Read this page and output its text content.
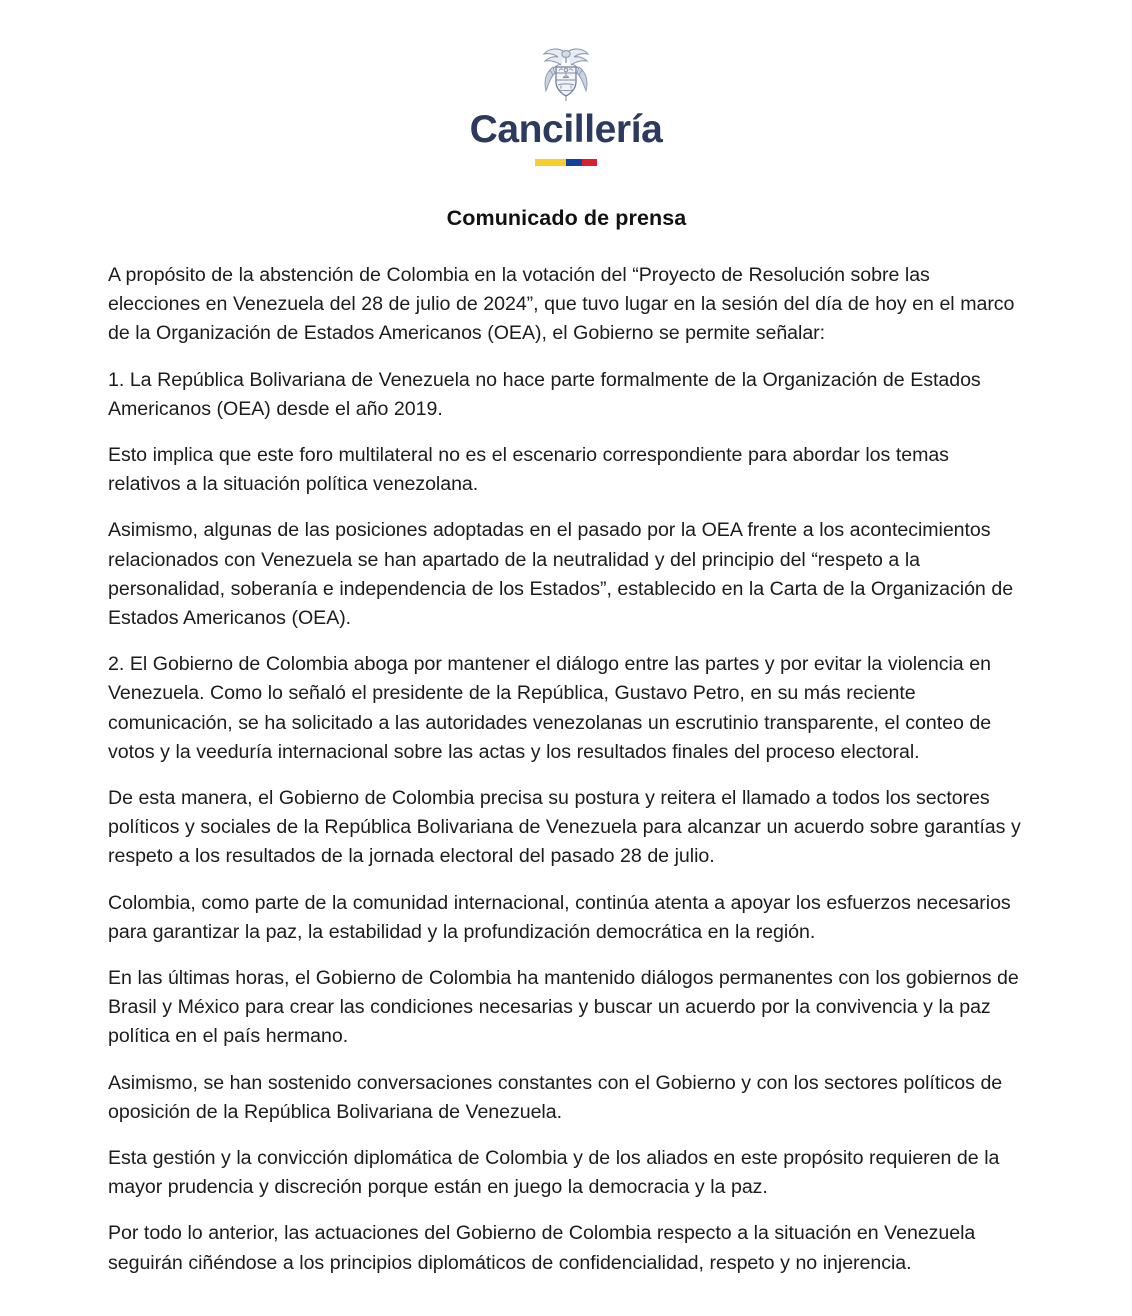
Cancillería
Comunicado de prensa

A propósito de la abstención de Colombia en la votación del “Proyecto de Resolución sobre las elecciones en Venezuela del 28 de julio de 2024”, que tuvo lugar en la sesión del día de hoy en el marco de la Organización de Estados Americanos (OEA), el Gobierno se permite señalar:

1. La República Bolivariana de Venezuela no hace parte formalmente de la Organización de Estados Americanos (OEA) desde el año 2019.

Esto implica que este foro multilateral no es el escenario correspondiente para abordar los temas relativos a la situación política venezolana.

Asimismo, algunas de las posiciones adoptadas en el pasado por la OEA frente a los acontecimientos relacionados con Venezuela se han apartado de la neutralidad y del principio del “respeto a la personalidad, soberanía e independencia de los Estados”, establecido en la Carta de la Organización de Estados Americanos (OEA).

2. El Gobierno de Colombia aboga por mantener el diálogo entre las partes y por evitar la violencia en Venezuela. Como lo señaló el presidente de la República, Gustavo Petro, en su más reciente comunicación, se ha solicitado a las autoridades venezolanas un escrutinio transparente, el conteo de votos y la veeduría internacional sobre las actas y los resultados finales del proceso electoral.

De esta manera, el Gobierno de Colombia precisa su postura y reitera el llamado a todos los sectores políticos y sociales de la República Bolivariana de Venezuela para alcanzar un acuerdo sobre garantías y respeto a los resultados de la jornada electoral del pasado 28 de julio.

Colombia, como parte de la comunidad internacional, continúa atenta a apoyar los esfuerzos necesarios para garantizar la paz, la estabilidad y la profundización democrática en la región.

En las últimas horas, el Gobierno de Colombia ha mantenido diálogos permanentes con los gobiernos de Brasil y México para crear las condiciones necesarias y buscar un acuerdo por la convivencia y la paz política en el país hermano.

Asimismo, se han sostenido conversaciones constantes con el Gobierno y con los sectores políticos de oposición de la República Bolivariana de Venezuela.

Esta gestión y la convicción diplomática de Colombia y de los aliados en este propósito requieren de la mayor prudencia y discreción porque están en juego la democracia y la paz.

Por todo lo anterior, las actuaciones del Gobierno de Colombia respecto a la situación en Venezuela seguirán ciñéndose a los principios diplomáticos de confidencialidad, respeto y no injerencia.
